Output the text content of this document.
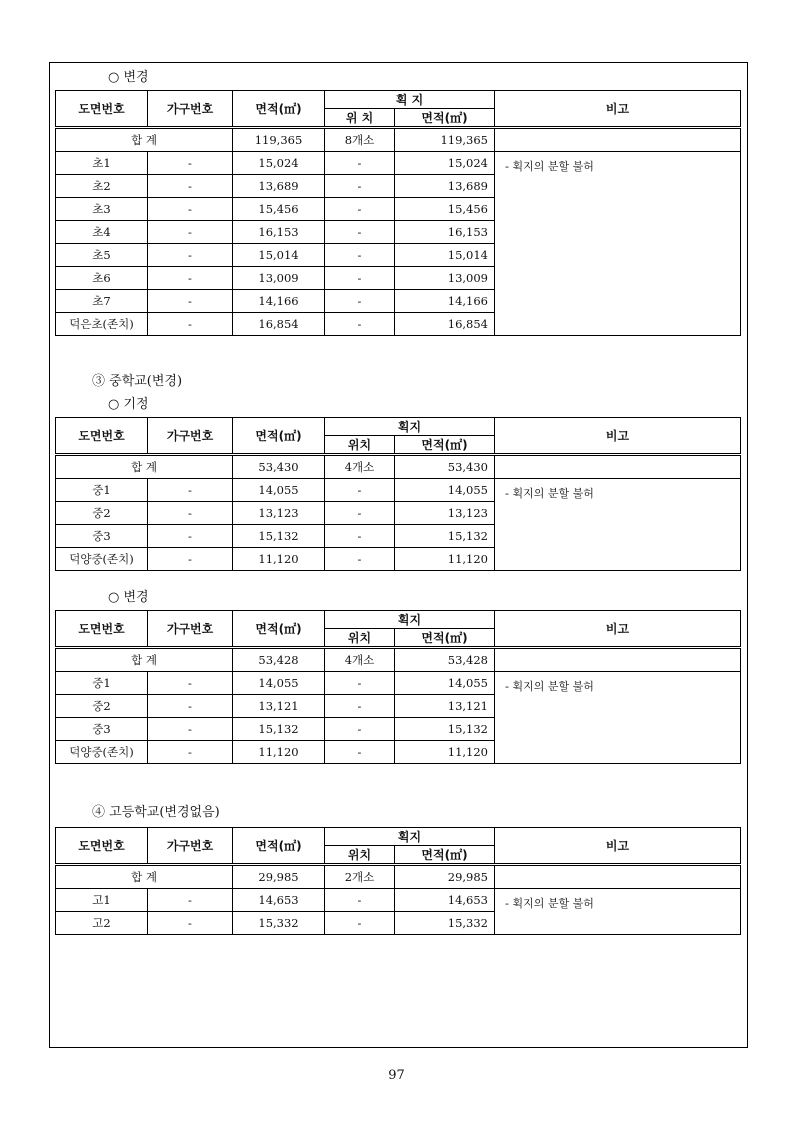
○ 변경
도면번호	가구번호	면적(㎡)	획 지		비고
			위 치	면적(㎡)	
합 계		119,365	8개소	119,365	
초1	-	15,024	-	15,024	- 획지의 분할 불허
초2	-	13,689	-	13,689	
초3	-	15,456	-	15,456	
초4	-	16,153	-	16,153	
초5	-	15,014	-	15,014	
초6	-	13,009	-	13,009	
초7	-	14,166	-	14,166	
덕은초(존치)	-	16,854	-	16,854	
③ 중학교(변경)
○ 기정
도면번호	가구번호	면적(㎡)	획지		비고
			위치	면적(㎡)	
합 계		53,430	4개소	53,430	
중1	-	14,055	-	14,055	- 획지의 분할 불허
중2	-	13,123	-	13,123	
중3	-	15,132	-	15,132	
덕양중(존치)	-	11,120	-	11,120	
○ 변경
도면번호	가구번호	면적(㎡)	획지		비고
			위치	면적(㎡)	
합 계		53,428	4개소	53,428	
중1	-	14,055	-	14,055	- 획지의 분할 불허
중2	-	13,121	-	13,121	
중3	-	15,132	-	15,132	
덕양중(존치)	-	11,120	-	11,120	
④ 고등학교(변경없음)
도면번호	가구번호	면적(㎡)	획지		비고
			위치	면적(㎡)	
합 계		29,985	2개소	29,985	
고1	-	14,653	-	14,653	- 획지의 분할 불허
고2	-	15,332	-	15,332	
97
